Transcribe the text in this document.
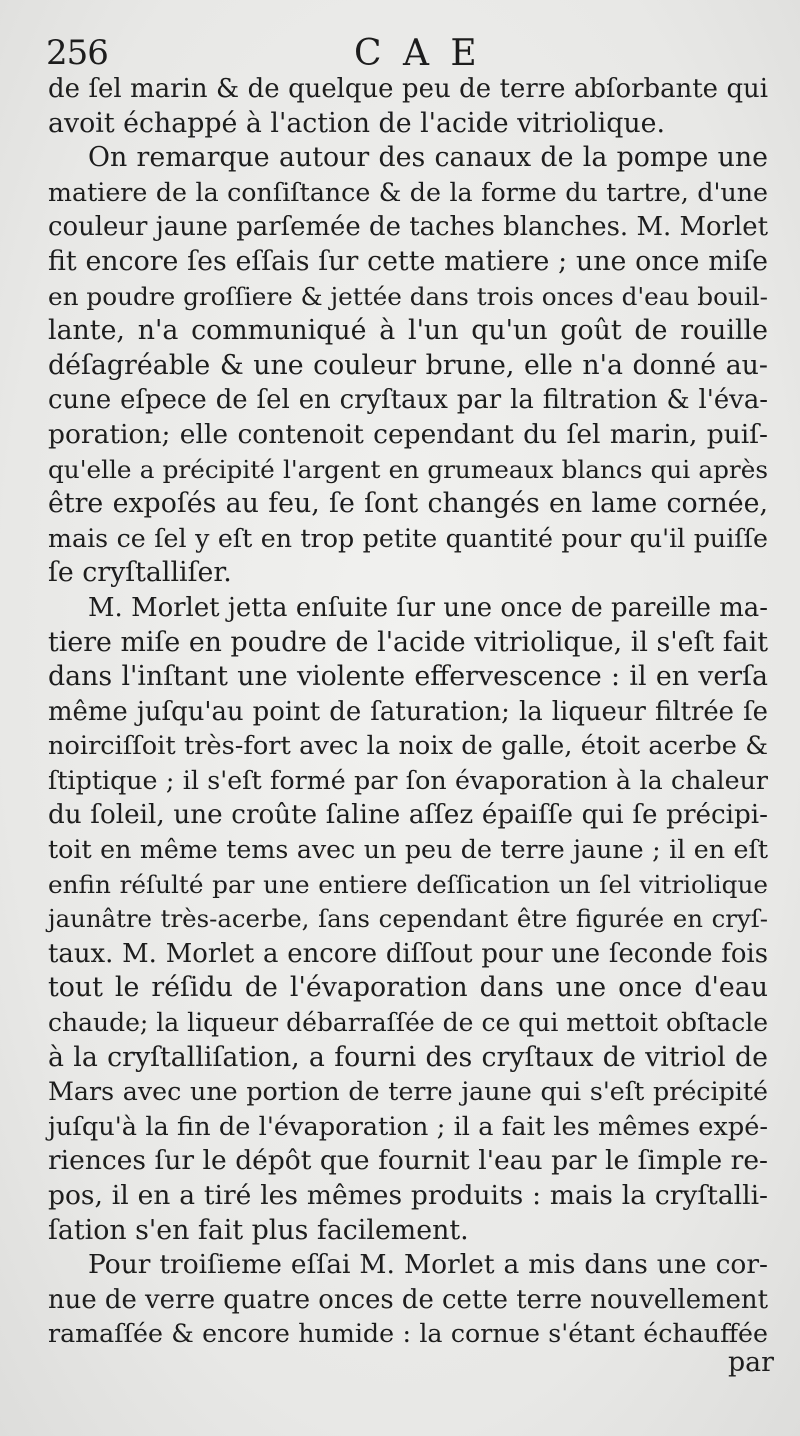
256	C A E
de ſel marin & de quelque peu de terre abſorbante qui
avoit échappé à l'action de l'acide vitriolique.
On remarque autour des canaux de la pompe une
matiere de la conſiſtance & de la forme du tartre, d'une
couleur jaune parſemée de taches blanches. M. Morlet
fit encore ſes eſſais ſur cette matiere ; une once miſe
en poudre groſſiere & jettée dans trois onces d'eau bouil-
lante, n'a communiqué à l'un qu'un goût de rouille
déſagréable & une couleur brune, elle n'a donné au-
cune eſpece de ſel en cryſtaux par la filtration & l'éva-
poration; elle contenoit cependant du ſel marin, puiſ-
qu'elle a précipité l'argent en grumeaux blancs qui après
être expoſés au feu, ſe ſont changés en lame cornée,
mais ce ſel y eſt en trop petite quantité pour qu'il puiſſe
ſe cryſtalliſer.
M. Morlet jetta enſuite ſur une once de pareille ma-
tiere miſe en poudre de l'acide vitriolique, il s'eſt fait
dans l'inſtant une violente effervescence : il en verſa
même juſqu'au point de ſaturation; la liqueur filtrée ſe
noirciſſoit très-fort avec la noix de galle, étoit acerbe &
ſtiptique ; il s'eſt formé par ſon évaporation à la chaleur
du ſoleil, une croûte ſaline aſſez épaiſſe qui ſe précipi-
toit en même tems avec un peu de terre jaune ; il en eſt
enfin réſulté par une entiere deſſication un ſel vitriolique
jaunâtre très-acerbe, ſans cependant être figurée en cryſ-
taux. M. Morlet a encore diſſout pour une ſeconde fois
tout le réſidu de l'évaporation dans une once d'eau
chaude; la liqueur débarraſſée de ce qui mettoit obſtacle
à la cryſtalliſation, a fourni des cryſtaux de vitriol de
Mars avec une portion de terre jaune qui s'eſt précipité
juſqu'à la fin de l'évaporation ; il a fait les mêmes expé-
riences ſur le dépôt que fournit l'eau par le ſimple re-
pos, il en a tiré les mêmes produits : mais la cryſtalli-
ſation s'en fait plus facilement.
Pour troiſieme eſſai M. Morlet a mis dans une cor-
nue de verre quatre onces de cette terre nouvellement
ramaſſée & encore humide : la cornue s'étant échauffée
par
